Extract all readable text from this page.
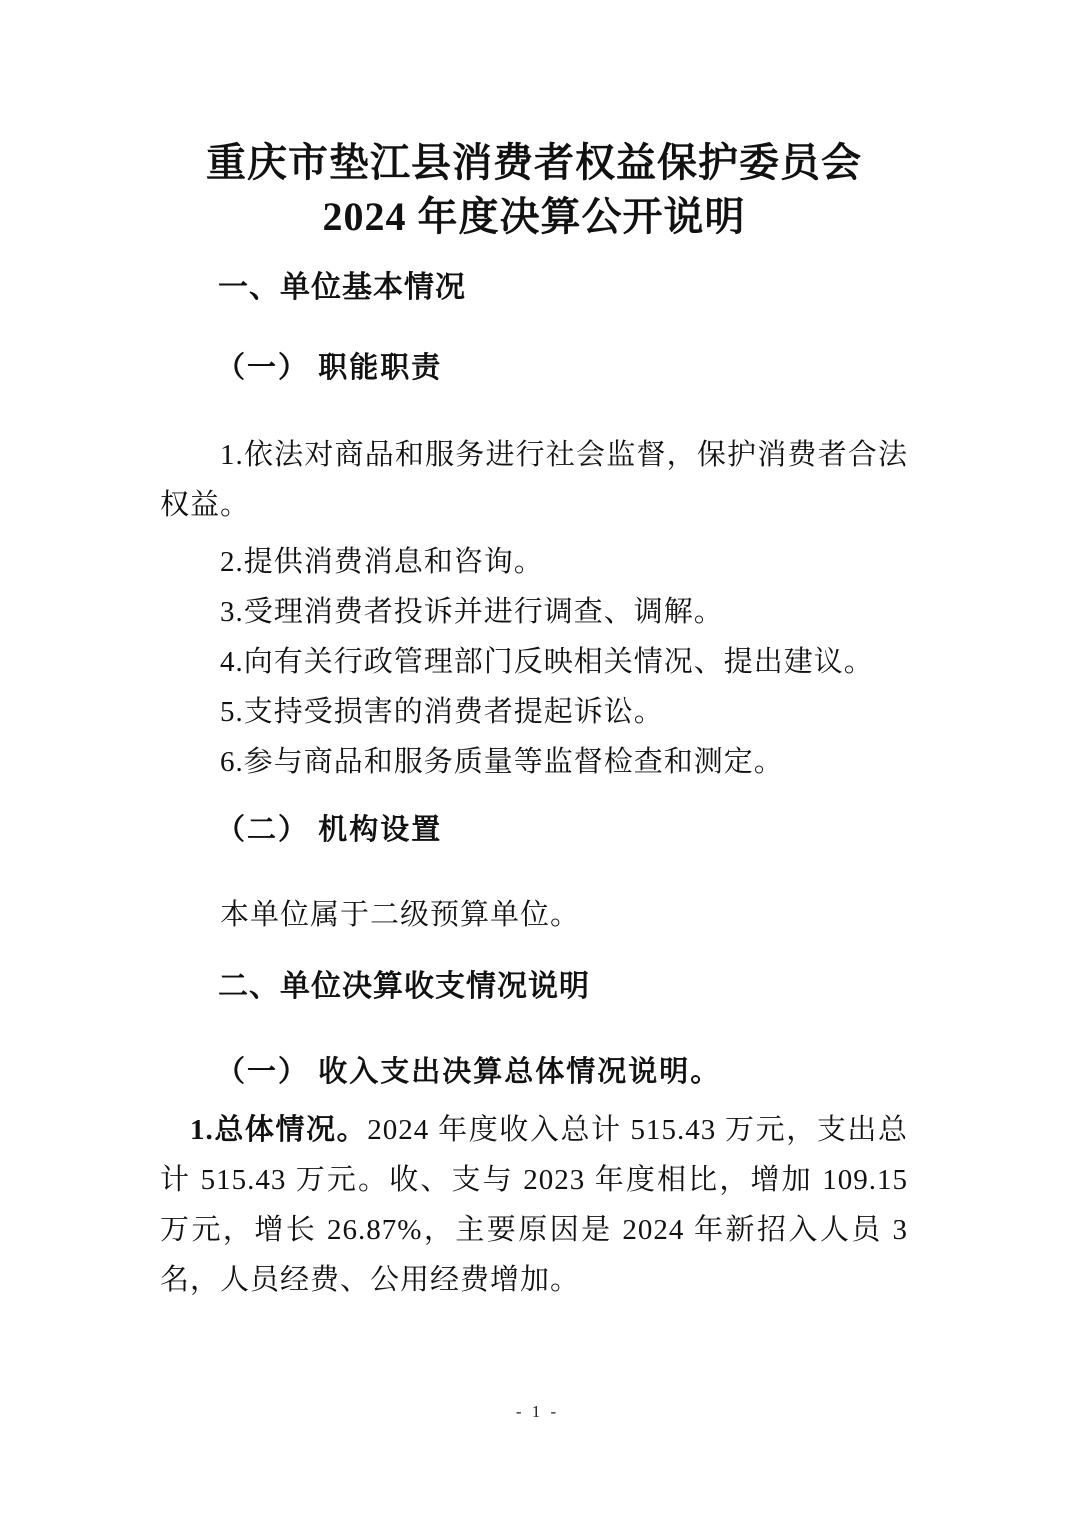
重庆市垫江县消费者权益保护委员会
2024 年度决算公开说明
一、单位基本情况
（一） 职能职责

1.依法对商品和服务进行社会监督，保护消费者合法权益。

2.提供消费消息和咨询。

3.受理消费者投诉并进行调查、调解。

4.向有关行政管理部门反映相关情况、提出建议。

5.支持受损害的消费者提起诉讼。

6.参与商品和服务质量等监督检查和测定。

（二） 机构设置

本单位属于二级预算单位。

二、单位决算收支情况说明
（一） 收入支出决算总体情况说明。

1.总体情况。2024 年度收入总计 515.43 万元，支出总计 515.43 万元。收、支与 2023 年度相比，增加 109.15 万元，增长 26.87%，主要原因是 2024 年新招入人员 3 名，人员经费、公用经费增加。

- 1 -
